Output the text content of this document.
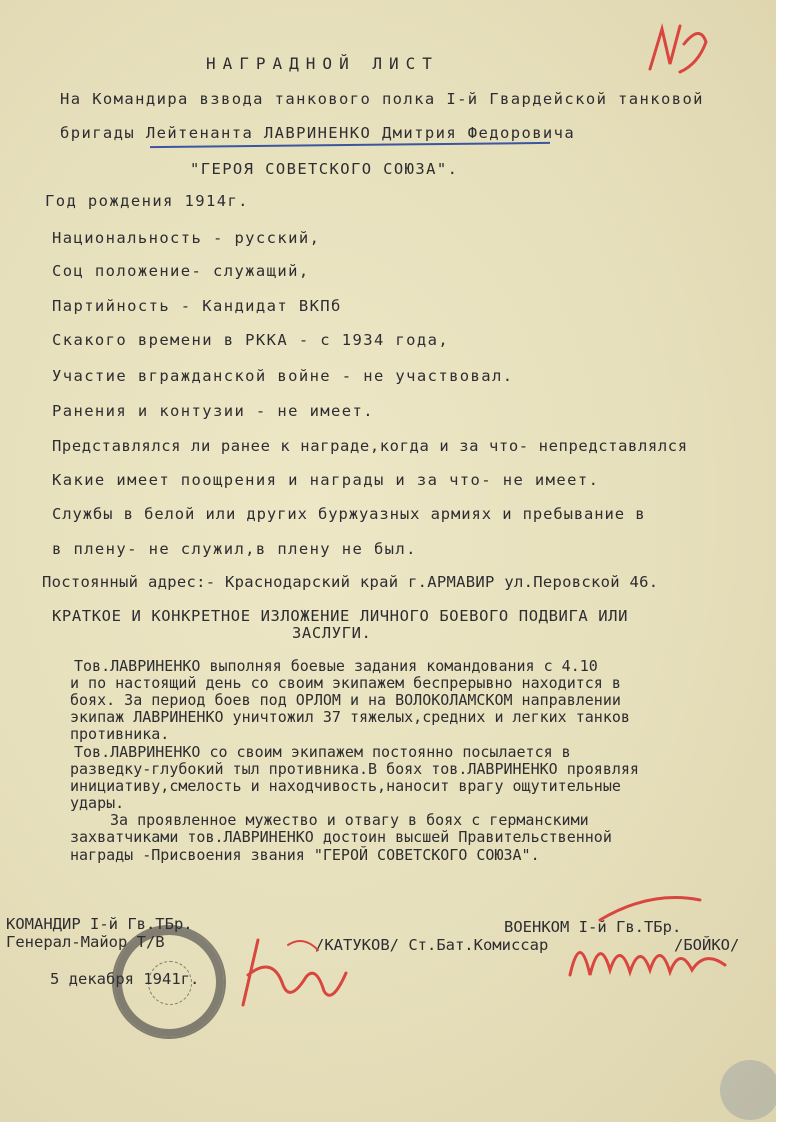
НАГРАДНОЙ ЛИСТ
На Командира взвода танкового полка I-й Гвардейской танковой
бригады Лейтенанта ЛАВРИНЕНКО Дмитрия Федоровича
"ГЕРОЯ СОВЕТСКОГО СОЮЗА".
Год рождения 1914г.
Национальность - русский,
Соц положение- служащий,
Партийность - Кандидат ВКПб
Скакого времени в РККА - с 1934 года,
Участие вгражданской войне - не участвовал.
Ранения и контузии - не имеет.
Представлялся ли ранее к награде,когда и за что- непредставлялся
Какие имеет поощрения и награды и за что- не имеет.
Службы в белой или других буржуазных армиях и пребывание в
в плену- не служил,в плену не был.
Постоянный адрес:- Краснодарский край г.АРМАВИР ул.Перовской 46.
КРАТКОЕ И КОНКРЕТНОЕ ИЗЛОЖЕНИЕ ЛИЧНОГО БОЕВОГО ПОДВИГА ИЛИ
ЗАСЛУГИ.
Тов.ЛАВРИНЕНКО выполняя боевые задания командования с 4.10
и по настоящий день со своим экипажем беспрерывно находится в
боях. За период боев под ОРЛОМ и на ВОЛОКОЛАМСКОМ направлении
экипаж ЛАВРИНЕНКО уничтожил 37 тяжелых,средних и легких танков
противника.
Тов.ЛАВРИНЕНКО со своим экипажем постоянно посылается в
разведку-глубокий тыл противника.В боях тов.ЛАВРИНЕНКО проявляя
инициативу,смелость и находчивость,наносит врагу ощутительные
удары.
За проявленное мужество и отвагу в боях с германскими
захватчиками тов.ЛАВРИНЕНКО достоин высшей Правительственной
награды -Присвоения звания "ГЕРОЙ СОВЕТСКОГО СОЮЗА".
КОМАНДИР I-й Гв.ТБр.
Генерал-Майор Т/В	/КАТУКОВ/ Ст.Бат.Комиссар
ВОЕНКОМ I-й Гв.ТБр.
/БОЙКО/
5 декабря 1941г.
